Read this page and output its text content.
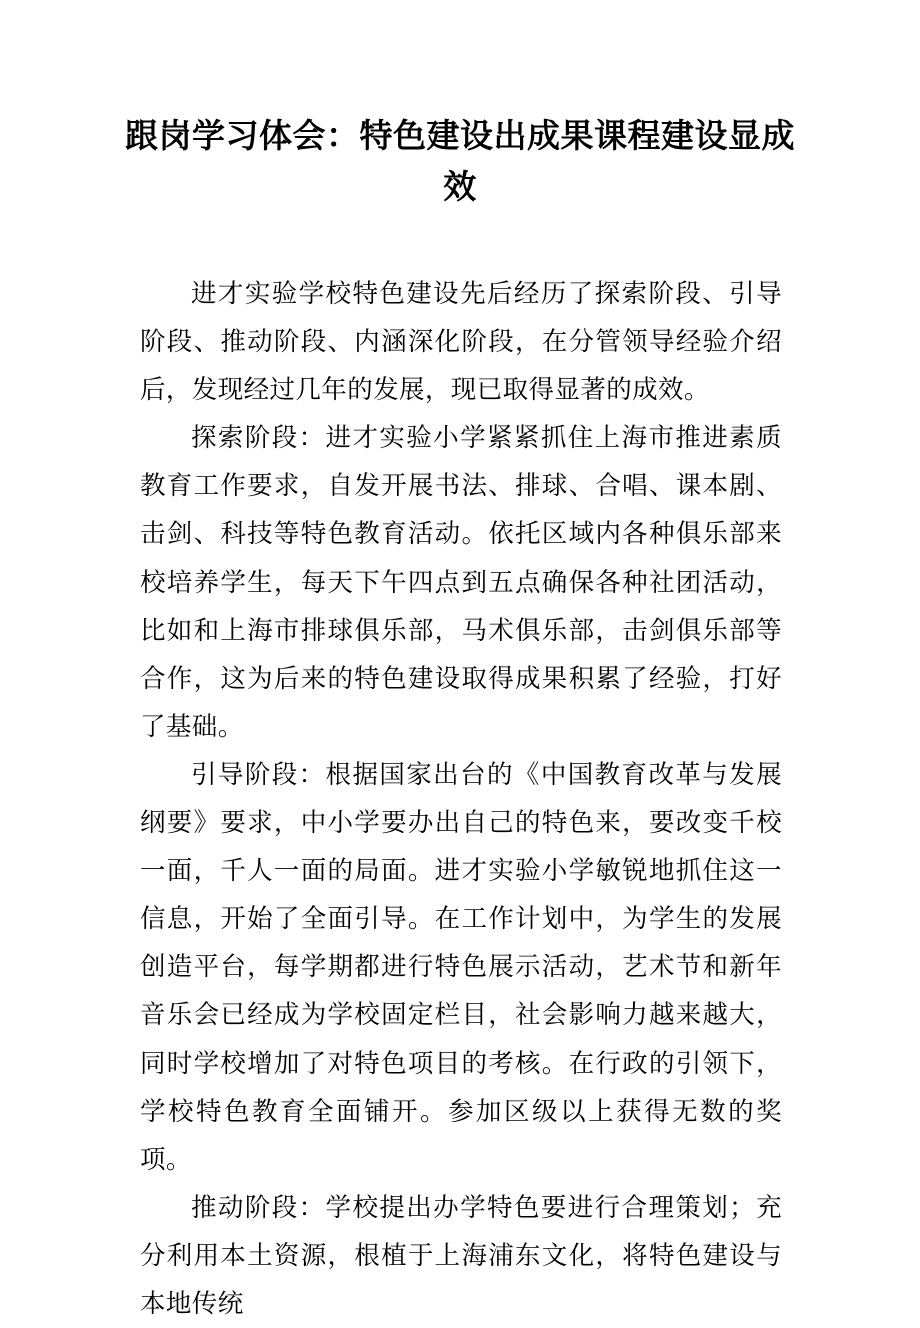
跟岗学习体会：特色建设出成果课程建设显成效

进才实验学校特色建设先后经历了探索阶段、引导阶段、推动阶段、内涵深化阶段，在分管领导经验介绍后，发现经过几年的发展，现已取得显著的成效。

探索阶段：进才实验小学紧紧抓住上海市推进素质教育工作要求，自发开展书法、排球、合唱、课本剧、击剑、科技等特色教育活动。依托区域内各种俱乐部来校培养学生，每天下午四点到五点确保各种社团活动，比如和上海市排球俱乐部，马术俱乐部，击剑俱乐部等合作，这为后来的特色建设取得成果积累了经验，打好了基础。

引导阶段：根据国家出台的《中国教育改革与发展纲要》要求，中小学要办出自己的特色来，要改变千校一面，千人一面的局面。进才实验小学敏锐地抓住这一信息，开始了全面引导。在工作计划中，为学生的发展创造平台，每学期都进行特色展示活动，艺术节和新年音乐会已经成为学校固定栏目，社会影响力越来越大，同时学校增加了对特色项目的考核。在行政的引领下，学校特色教育全面铺开。参加区级以上获得无数的奖项。

推动阶段：学校提出办学特色要进行合理策划；充分利用本土资源，根植于上海浦东文化，将特色建设与本地传统
